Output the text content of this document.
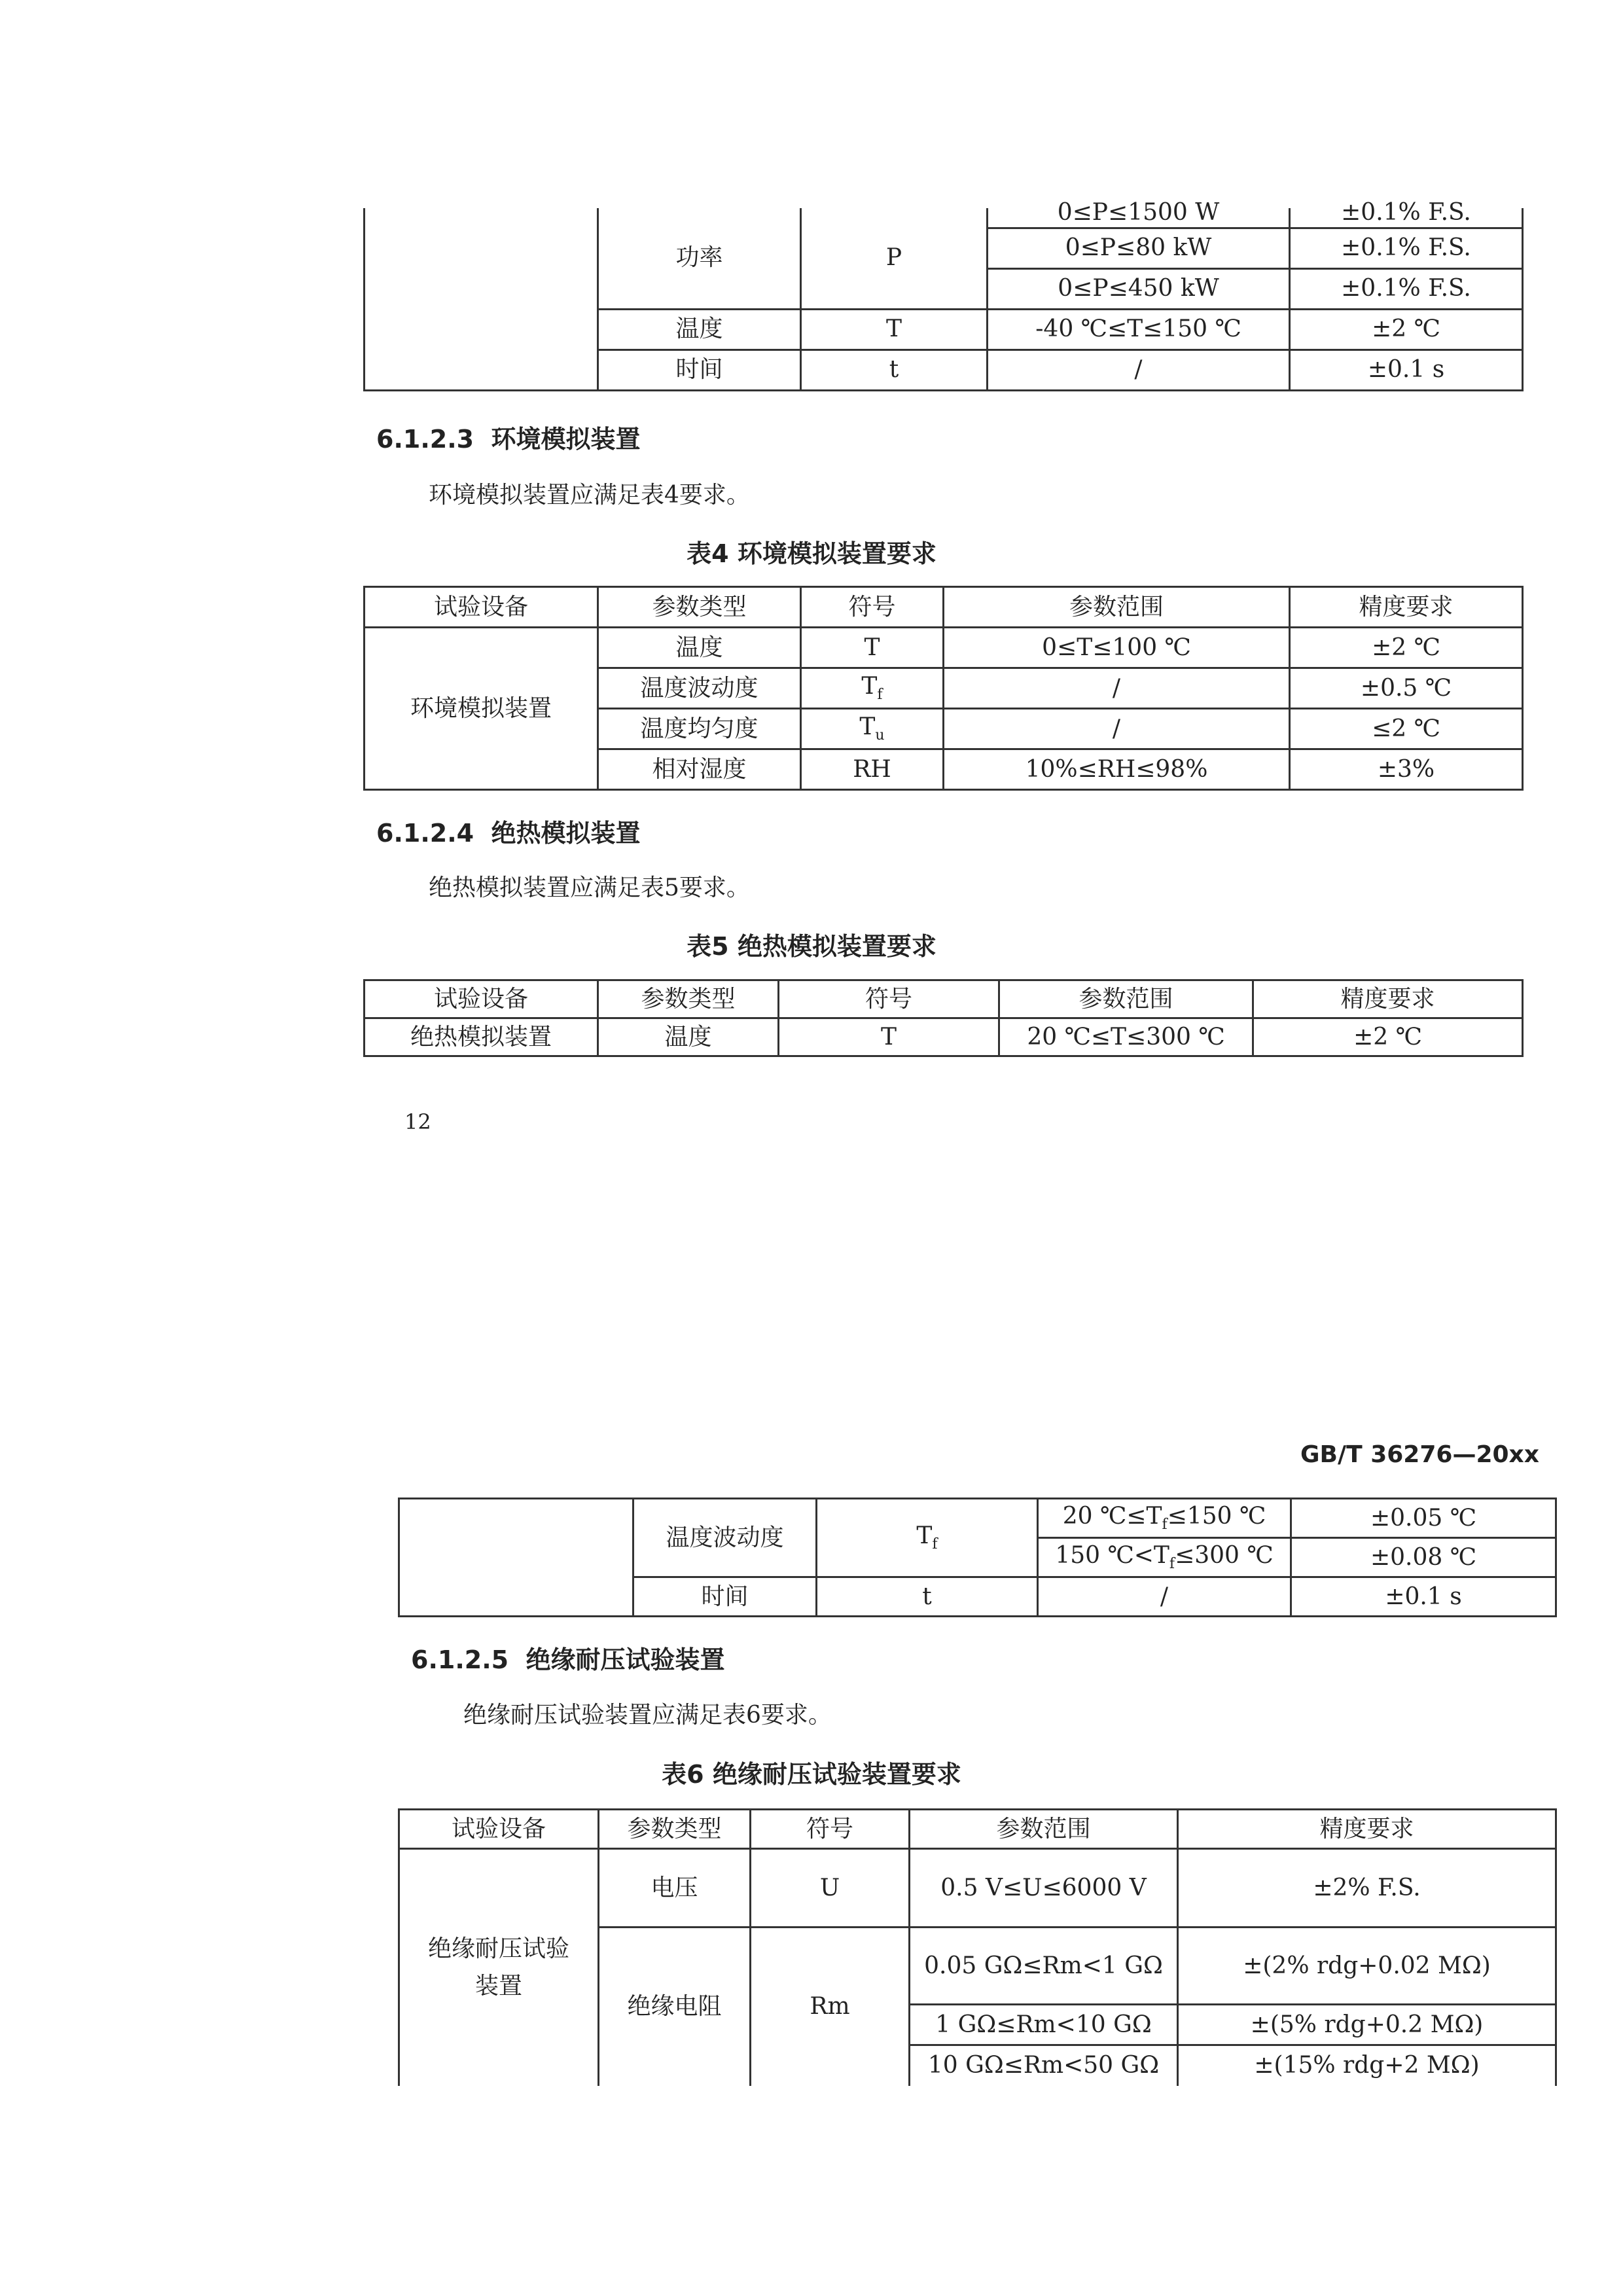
	功率	P	0≤P≤1500 W	±0.1% F.S.

			0≤P≤80 kW	±0.1% F.S.
			0≤P≤450 kW	±0.1% F.S.
	温度	T	-40 ℃≤T≤150 ℃	±2 ℃
	时间	t	/	±0.1 s
6.1.2.3 环境模拟装置
环境模拟装置应满足表4要求。
表4 环境模拟装置要求
试验设备	参数类型	符号	参数范围	精度要求
环境模拟装置	温度	T	0≤T≤100 ℃	±2 ℃
	温度波动度	$T_f$	/	±0.5 ℃
	温度均匀度	$T_u$	/	≤2 ℃
	相对湿度	RH	10%≤RH≤98%	±3%
6.1.2.4 绝热模拟装置
绝热模拟装置应满足表5要求。
表5 绝热模拟装置要求
试验设备	参数类型	符号	参数范围	精度要求
绝热模拟装置	温度	T	20 ℃≤T≤300 ℃	±2 ℃
12
GB/T 36276—20xx
	温度波动度	$T_f$	20 $℃\le T_f\le 150$ ℃	±0.05 ℃
			150 $℃<T_f\le 300$ ℃	±0.08 ℃
	时间	t	/	±0.1 s
6.1.2.5 绝缘耐压试验装置
绝缘耐压试验装置应满足表6要求。
表6 绝缘耐压试验装置要求
试验设备	参数类型	符号	参数范围	精度要求
绝缘耐压试验
装置	电压	U	0.5 V≤U≤6000 V	±2% F.S.
	绝缘电阻	Rm	0.05 GΩ≤Rm<1 GΩ	±(2% rdg+0.02 MΩ)
			1 GΩ≤Rm<10 GΩ	±(5% rdg+0.2 MΩ)
			10 GΩ≤Rm<50 GΩ	±(15% rdg+2 MΩ)
